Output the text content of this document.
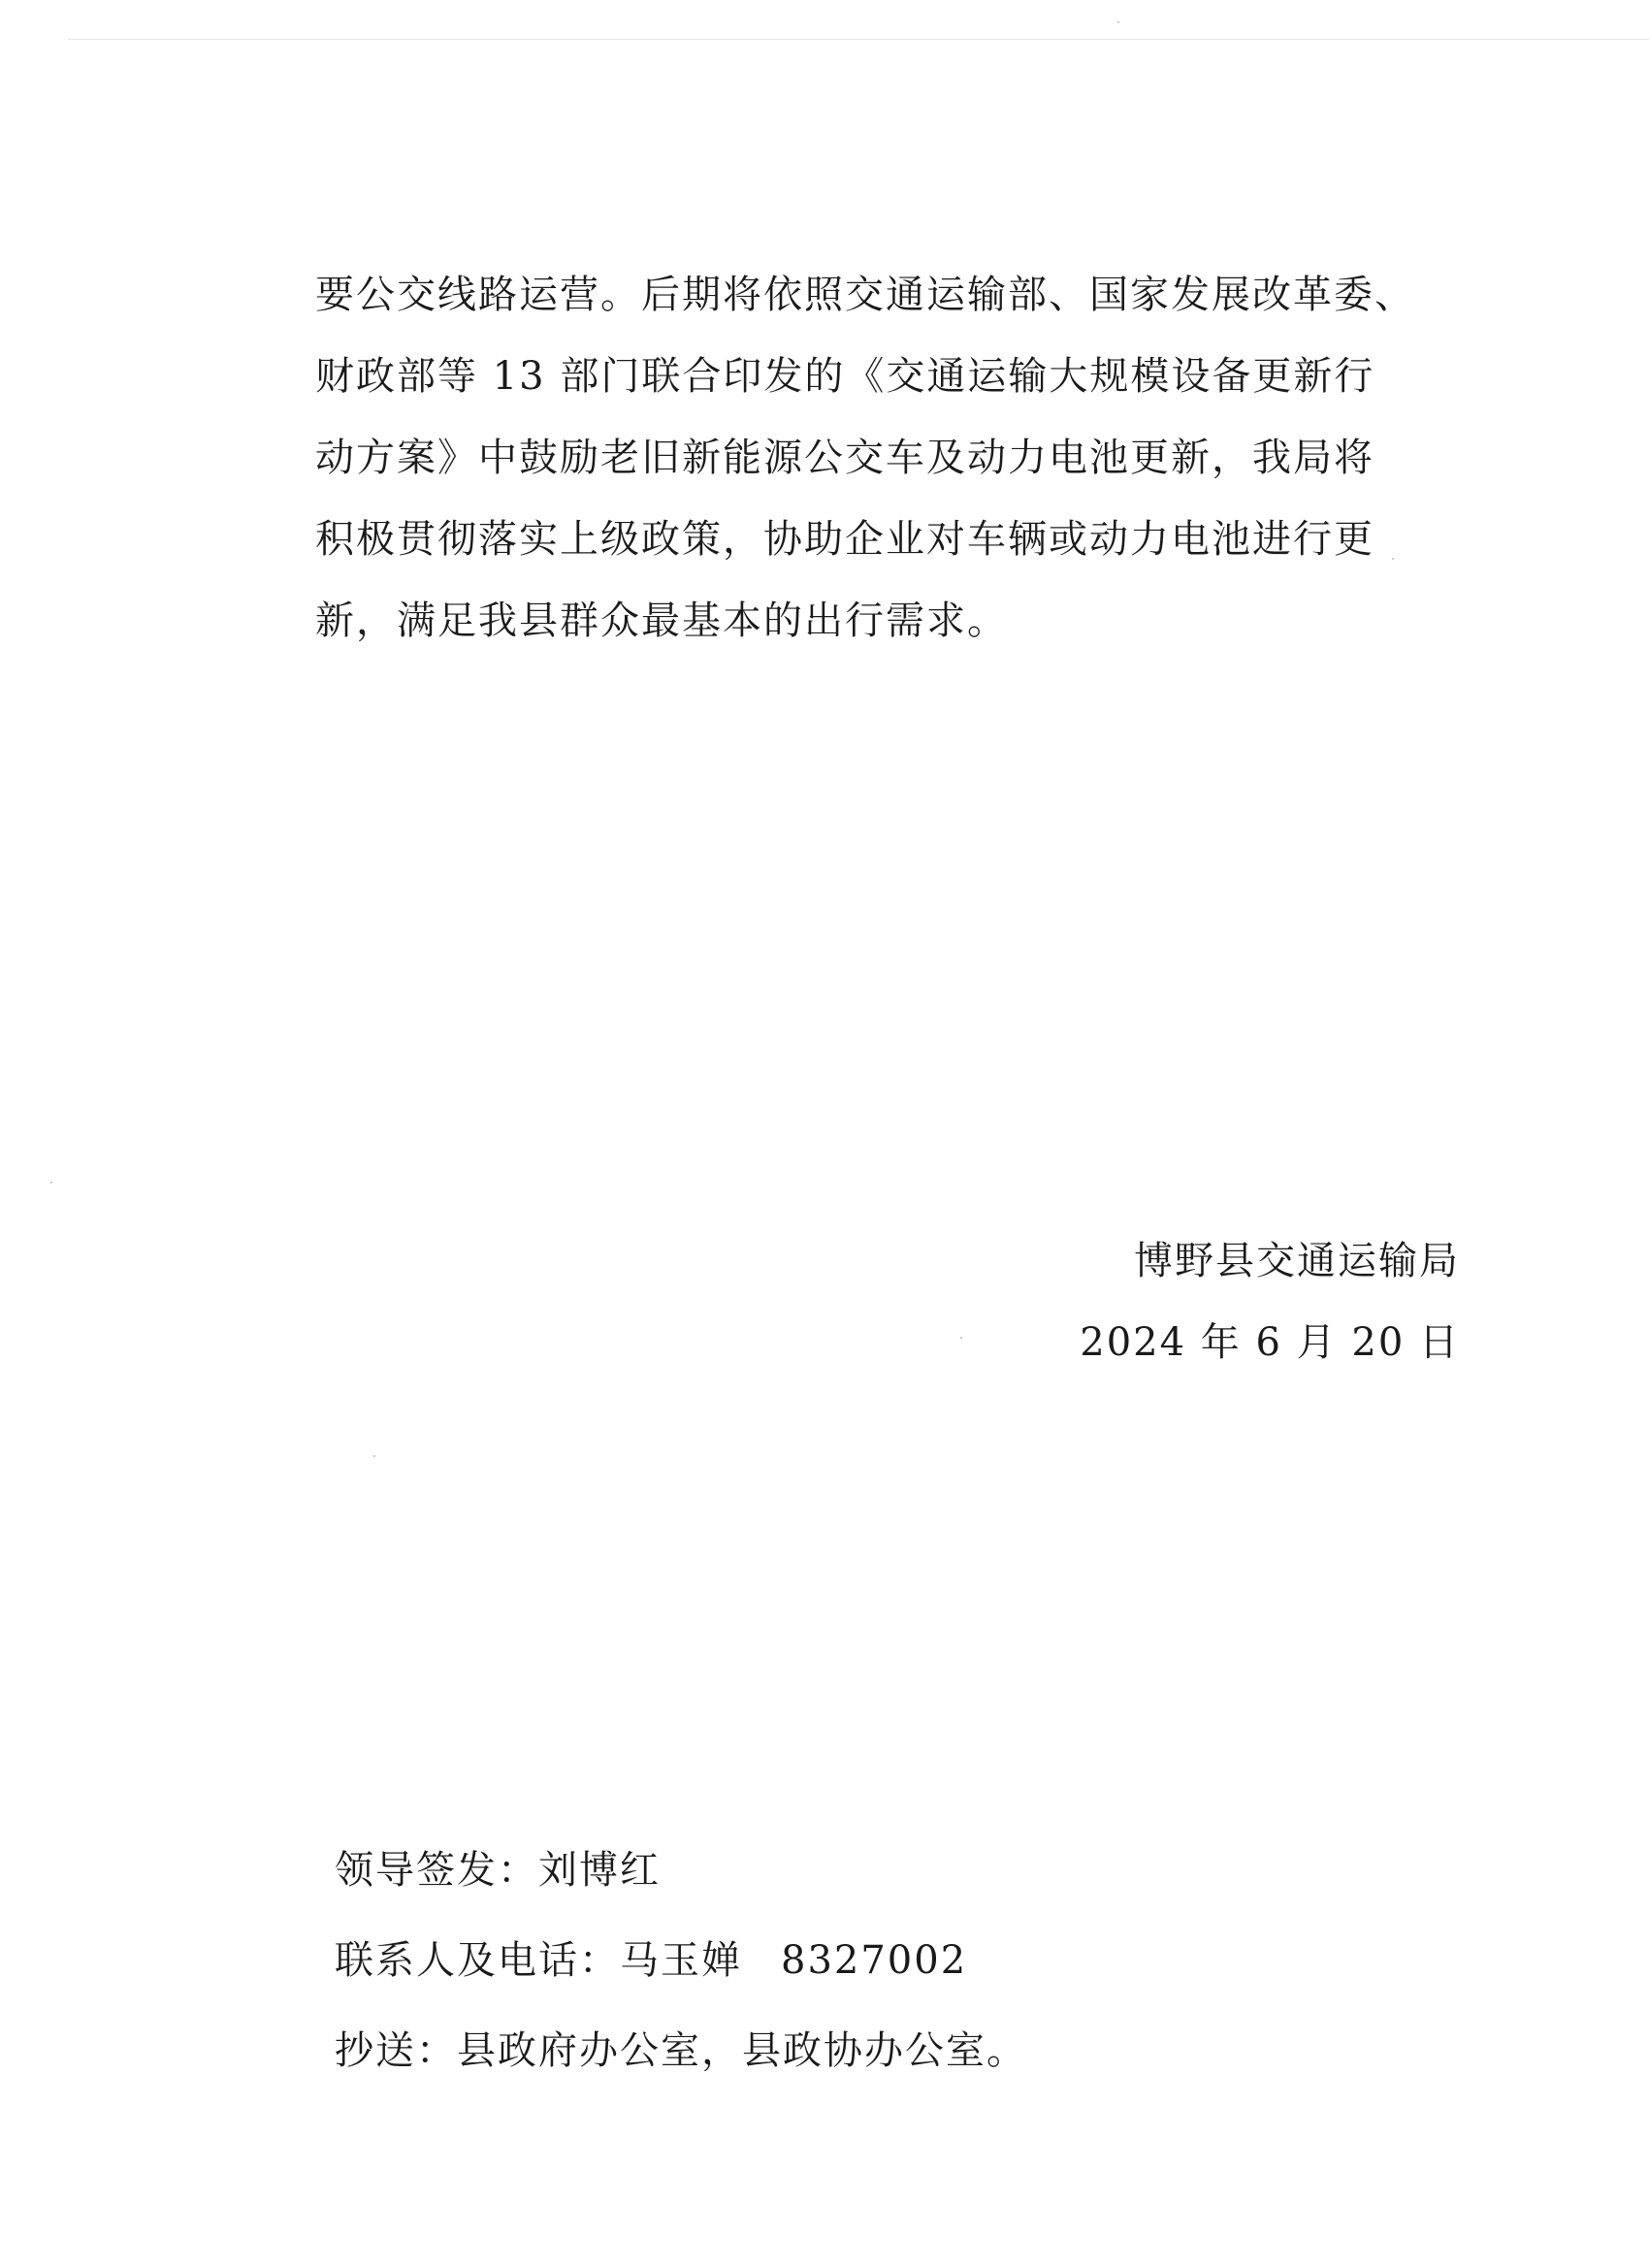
要公交线路运营。后期将依照交通运输部、国家发展改革委、
财政部等 13 部门联合印发的《交通运输大规模设备更新行
动方案》中鼓励老旧新能源公交车及动力电池更新，我局将
积极贯彻落实上级政策，协助企业对车辆或动力电池进行更
新，满足我县群众最基本的出行需求。
博野县交通运输局
2024 年 6 月 20 日
领导签发：刘博红
联系人及电话：马玉婵 8327002
抄送：县政府办公室，县政协办公室。
